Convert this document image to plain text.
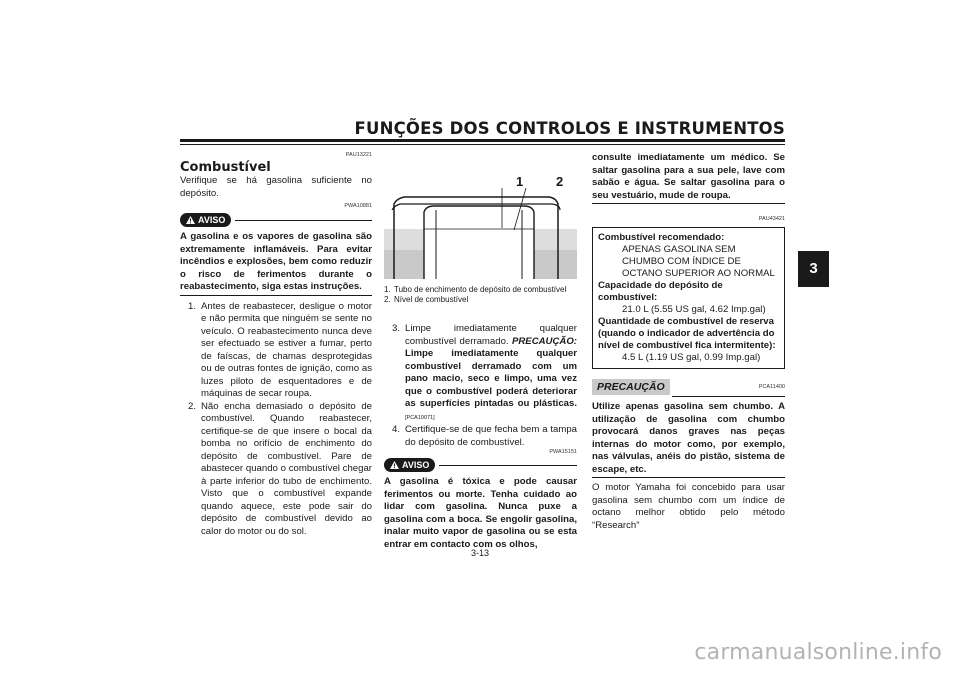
FUNÇÕES DOS CONTROLOS E INSTRUMENTOS
3
PAU13221
Combustível
Verifique se há gasolina suficiente no depósito.
PWA10881
AVISO
A gasolina e os vapores de gasolina são extremamente inflamáveis. Para evitar incêndios e explosões, bem como reduzir o risco de ferimentos durante o reabastecimento, siga estas instruções.
1. Antes de reabastecer, desligue o motor e não permita que ninguém se sente no veículo. O reabastecimento nunca deve ser efectuado se estiver a fumar, perto de faíscas, de chamas desprotegidas ou de outras fontes de ignição, como as luzes piloto de esquentadores e de máquinas de secar roupa.
2. Não encha demasiado o depósito de combustível. Quando reabastecer, certifique-se de que insere o bocal da bomba no orifício de enchimento do depósito de combustível. Pare de abastecer quando o combustível chegar à parte inferior do tubo de enchimento. Visto que o combustível expande quando aquece, este pode sair do depósito de combustível devido ao calor do motor ou do sol.
1	2
1. Tubo de enchimento de depósito de combustível
2. Nível de combustível
3. Limpe imediatamente qualquer combustível derramado. PRECAUÇÃO: Limpe imediatamente qualquer combustível derramado com um pano macio, seco e limpo, uma vez que o combustível poderá deteriorar as superfícies pintadas ou plásticas. [PCA10071]
4. Certifique-se de que fecha bem a tampa do depósito de combustível.
PWA15151
AVISO
A gasolina é tóxica e pode causar ferimentos ou morte. Tenha cuidado ao lidar com gasolina. Nunca puxe a gasolina com a boca. Se engolir gasolina, inalar muito vapor de gasolina ou se esta entrar em contacto com os olhos,
consulte imediatamente um médico. Se saltar gasolina para a sua pele, lave com sabão e água. Se saltar gasolina para o seu vestuário, mude de roupa.
PAU43421
Combustível recomendado:
APENAS GASOLINA SEM CHUMBO COM ÍNDICE DE OCTANO SUPERIOR AO NORMAL
Capacidade do depósito de combustível:
21.0 L (5.55 US gal, 4.62 Imp.gal)
Quantidade de combustível de reserva (quando o indicador de advertência do nível de combustível fica intermitente):
4.5 L (1.19 US gal, 0.99 Imp.gal)
PRECAUÇÃO	PCA11400
Utilize apenas gasolina sem chumbo. A utilização de gasolina com chumbo provocará danos graves nas peças internas do motor como, por exemplo, nas válvulas, anéis do pistão, sistema de escape, etc.
O motor Yamaha foi concebido para usar gasolina sem chumbo com um índice de octano melhor obtido pelo método “Research”
3-13
carmanualsonline.info
